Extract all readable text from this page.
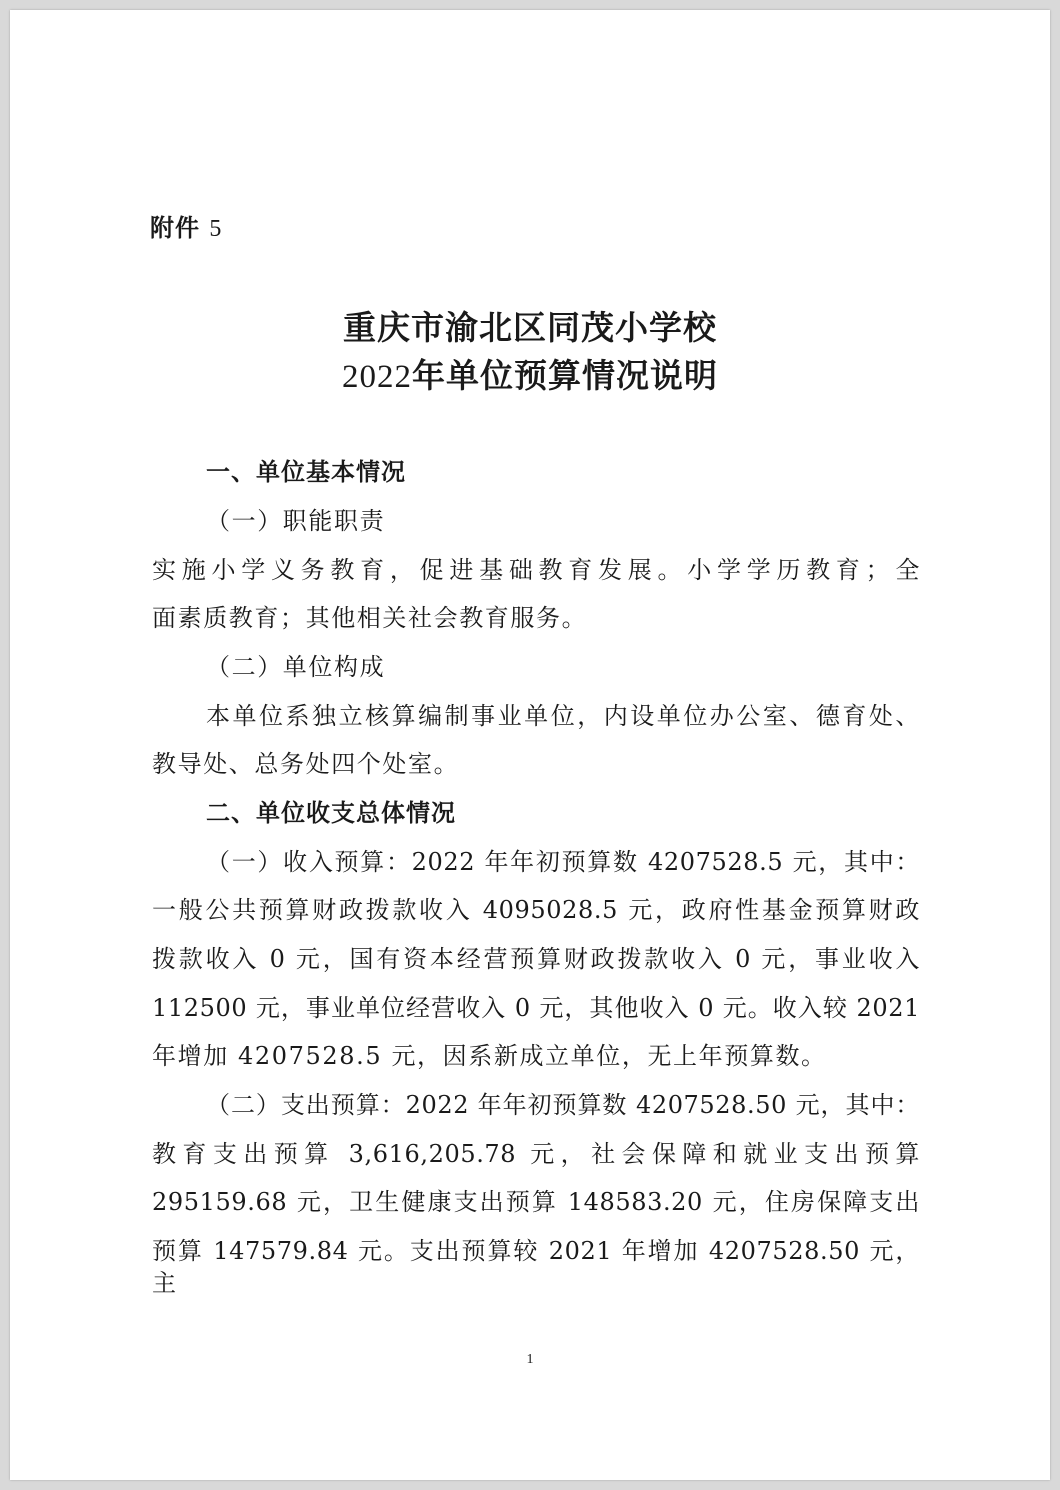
附件 5
重庆市渝北区同茂小学校
2022年单位预算情况说明
一、单位基本情况
（一）职能职责
实施小学义务教育，促进基础教育发展。小学学历教育；全
面素质教育；其他相关社会教育服务。
（二）单位构成
本单位系独立核算编制事业单位，内设单位办公室、德育处、
教导处、总务处四个处室。
二、单位收支总体情况
（一）收入预算：2022 年年初预算数 4207528.5 元，其中：
一般公共预算财政拨款收入 4095028.5 元，政府性基金预算财政
拨款收入 0 元，国有资本经营预算财政拨款收入 0 元，事业收入
112500 元，事业单位经营收入 0 元，其他收入 0 元。收入较 2021
年增加 4207528.5 元，因系新成立单位，无上年预算数。
（二）支出预算：2022 年年初预算数 4207528.50 元，其中：
教育支出预算 3,616,205.78 元，社会保障和就业支出预算
295159.68 元，卫生健康支出预算 148583.20 元，住房保障支出
预算 147579.84 元。支出预算较 2021 年增加 4207528.50 元，主
1
